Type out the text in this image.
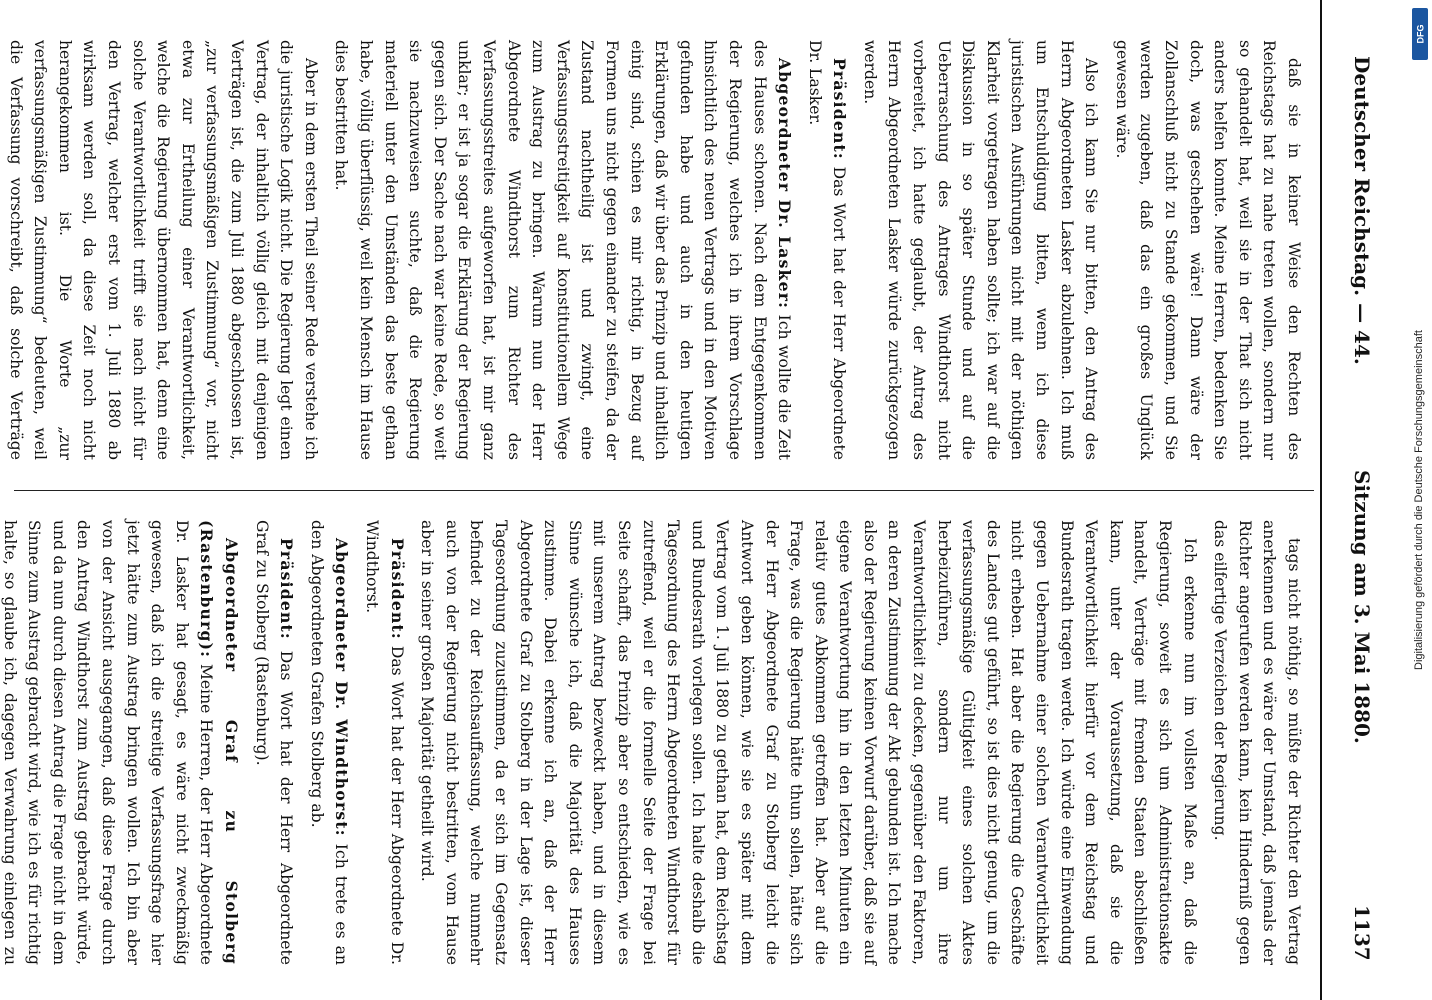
Deutscher Reichstag. — 44.
Sitzung am 3. Mai 1880.
1137

daß sie in keiner Weise den Rechten des Reichstags hat zu nahe treten wollen, sondern nur so gehandelt hat, weil sie in der That sich nicht anders helfen konnte. Meine Herren, bedenken Sie doch, was geschehen wäre! Dann wäre der Zollanschluß nicht zu Stande gekommen, und Sie werden zugeben, daß das ein großes Unglück gewesen wäre.

Also ich kann Sie nur bitten, den Antrag des Herrn Abgeordneten Lasker abzulehnen. Ich muß um Entschuldigung bitten, wenn ich diese juristischen Ausführungen nicht mit der nöthigen Klarheit vorgetragen haben sollte; ich war auf die Diskussion in so später Stunde und auf die Ueberraschung des Antrages Windthorst nicht vorbereitet, ich hatte geglaubt, der Antrag des Herrn Abgeordneten Lasker würde zurückgezogen werden.

Präsident: Das Wort hat der Herr Abgeordnete Dr. Lasker.

Abgeordneter Dr. Lasker: Ich wollte die Zeit des Hauses schonen. Nach dem Entgegenkommen der Regierung, welches ich in ihrem Vorschlage hinsichtlich des neuen Vertrags und in den Motiven gefunden habe und auch in den heutigen Erklärungen, daß wir über das Prinzip und inhaltlich einig sind, schien es mir richtig, in Bezug auf Formen uns nicht gegen einander zu steifen, da der Zustand nachtheilig ist und zwingt, eine Verfassungsstreitigkeit auf konstitutionellem Wege zum Austrag zu bringen. Warum nun der Herr Abgeordnete Windthorst zum Richter des Verfassungsstreites aufgeworfen hat, ist mir ganz unklar; er ist ja sogar die Erklärung der Regierung gegen sich. Der Sache nach war keine Rede, so weit sie nachzuweisen suchte, daß die Regierung materiell unter den Umständen das beste gethan habe, völlig überflüssig, weil kein Mensch im Hause dies bestritten hat.

Aber in dem ersten Theil seiner Rede verstehe ich die juristische Logik nicht. Die Regierung legt einen Vertrag, der inhaltlich völlig gleich mit denjenigen Verträgen ist, die zum Juli 1880 abgeschlossen ist, „zur verfassungsmäßigen Zustimmung“ vor, nicht etwa zur Ertheilung einer Verantwortlichkeit, welche die Regierung übernommen hat, denn eine solche Verantwortlichkeit trifft sie nach nicht für den Vertrag, welcher erst vom 1. Juli 1880 ab wirksam werden soll, da diese Zeit noch nicht herangekommen ist. Die Worte „zur verfassungsmäßigen Zustimmung“ bedeuten, weil die Verfassung vorschreibt, daß solche Verträge

tags nicht nöthig, so müßte der Richter den Vertrag anerkennen und es wäre der Umstand, daß jemals der Richter angerufen werden kann, kein Hinderniß gegen das eilfertige Verzeichen der Regierung.

Ich erkenne nun im vollsten Maße an, daß die Regierung, soweit es sich um Administrationsakte handelt, Verträge mit fremden Staaten abschließen kann, unter der Voraussetzung, daß sie die Verantwortlichkeit hierfür vor dem Reichstag und Bundesrath tragen werde. Ich würde eine Einwendung gegen Uebernahme einer solchen Verantwortlichkeit nicht erheben. Hat aber die Regierung die Geschäfte des Landes gut geführt, so ist dies nicht genug, um die verfassungsmäßige Gültigkeit eines solchen Aktes herbeizuführen, sondern nur um ihre Verantwortlichkeit zu decken, gegenüber den Faktoren, an deren Zustimmung der Akt gebunden ist. Ich mache also der Regierung keinen Vorwurf darüber, daß sie auf eigene Verantwortung hin in den letzten Minuten ein relativ gutes Abkommen getroffen hat. Aber auf die Frage, was die Regierung hätte thun sollen, hätte sich der Herr Abgeordnete Graf zu Stolberg leicht die Antwort geben können, wie sie es später mit dem Vertrag vom 1. Juli 1880 zu gethan hat, dem Reichstag und Bundesrath vorlegen sollen. Ich halte deshalb die Tagesordnung des Herrn Abgeordneten Windthorst für zutreffend, weil er die formelle Seite der Frage bei Seite schafft, das Prinzip aber so entschieden, wie es mit unserem Antrag bezweckt haben, und in diesem Sinne wünsche ich, daß die Majorität des Hauses zustimme. Dabei erkenne ich an, daß der Herr Abgeordnete Graf zu Stolberg in der Lage ist, dieser Tagesordnung zuzustimmen, da er sich im Gegensatz befindet zu der Reichsauffassung, welche nunmehr auch von der Regierung nicht bestritten, vom Hause aber in seiner großen Majorität getheilt wird.

Präsident: Das Wort hat der Herr Abgeordnete Dr. Windthorst.

Abgeordneter Dr. Windthorst: Ich trete es an den Abgeordneten Grafen Stolberg ab.

Präsident: Das Wort hat der Herr Abgeordnete Graf zu Stolberg (Rastenburg).

Abgeordneter Graf zu Stolberg (Rastenburg): Meine Herren, der Herr Abgeordnete Dr. Lasker hat gesagt, es wäre nicht zweckmäßig gewesen, daß ich die streitige Verfassungsfrage hier jetzt hätte zum Austrag bringen wollen. Ich bin aber von der Ansicht ausgegangen, daß diese Frage durch den Antrag Windthorst zum Austrag gebracht würde, und da nun durch diesen Antrag die Frage nicht in dem Sinne zum Austrag gebracht wird, wie ich es für richtig halte, so glaube ich, dagegen Verwahrung einlegen zu

Digitalisierung gefördert durch die Deutsche Forschungsgemeinschaft
DFG
